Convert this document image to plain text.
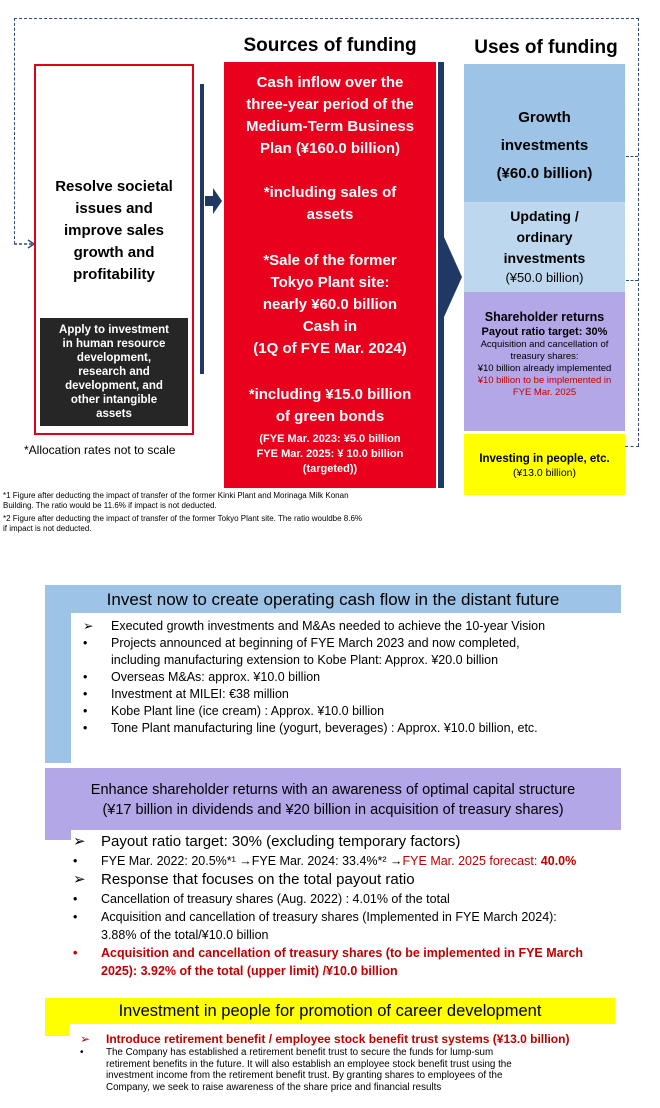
Sources of funding	Uses of funding
Resolve societal
issues and
improve sales
growth and
profitability
Apply to investment
in human resource
development,
research and
development, and
other intangible
assets
*Allocation rates not to scale
Cash inflow over the
three-year period of the
Medium-Term Business
Plan (¥160.0 billion)
*including sales of
assets
*Sale of the former
Tokyo Plant site:
nearly ¥60.0 billion
Cash in
(1Q of FYE Mar. 2024)
*including ¥15.0 billion
of green bonds
(FYE Mar. 2023: ¥5.0 billion
FYE Mar. 2025: ¥ 10.0 billion
(targeted))
Growth
investments
(¥60.0 billion)
Updating /
ordinary
investments
(¥50.0 billion)
Shareholder returns
Payout ratio target: 30%
Acquisition and cancellation of
treasury shares:
¥10 billion already implemented
¥10 billion to be implemented in
FYE Mar. 2025
Investing in people, etc.
(¥13.0 billion)
*1 Figure after deducting the impact of transfer of the former Kinki Plant and Morinaga Milk Konan
Building. The ratio would be 11.6% if impact is not deducted.
*2 Figure after deducting the impact of transfer of the former Tokyo Plant site. The ratio wouldbe 8.6%
if impact is not deducted.
Invest now to create operating cash flow in the distant future
➢ Executed growth investments and M&As needed to achieve the 10-year Vision
• Projects announced at beginning of FYE March 2023 and now completed,
including manufacturing extension to Kobe Plant: Approx. ¥20.0 billion
• Overseas M&As: approx. ¥10.0 billion
• Investment at MILEI: €38 million
• Kobe Plant line (ice cream) : Approx. ¥10.0 billion
• Tone Plant manufacturing line (yogurt, beverages) : Approx. ¥10.0 billion, etc.
Enhance shareholder returns with an awareness of optimal capital structure
(¥17 billion in dividends and ¥20 billion in acquisition of treasury shares)
➢ Payout ratio target: 30% (excluding temporary factors)
• FYE Mar. 2022: 20.5%*¹ →FYE Mar. 2024: 33.4%*² →FYE Mar. 2025 forecast: 40.0%
➢ Response that focuses on the total payout ratio
• Cancellation of treasury shares (Aug. 2022) : 4.01% of the total
• Acquisition and cancellation of treasury shares (Implemented in FYE March 2024):
3.88% of the total/¥10.0 billion
• Acquisition and cancellation of treasury shares (to be implemented in FYE March
2025): 3.92% of the total (upper limit) /¥10.0 billion
Investment in people for promotion of career development
➢ Introduce retirement benefit / employee stock benefit trust systems (¥13.0 billion)
• The Company has established a retirement benefit trust to secure the funds for lump-sum
retirement benefits in the future. It will also establish an employee stock benefit trust using the
investment income from the retirement benefit trust. By granting shares to employees of the
Company, we seek to raise awareness of the share price and financial results
